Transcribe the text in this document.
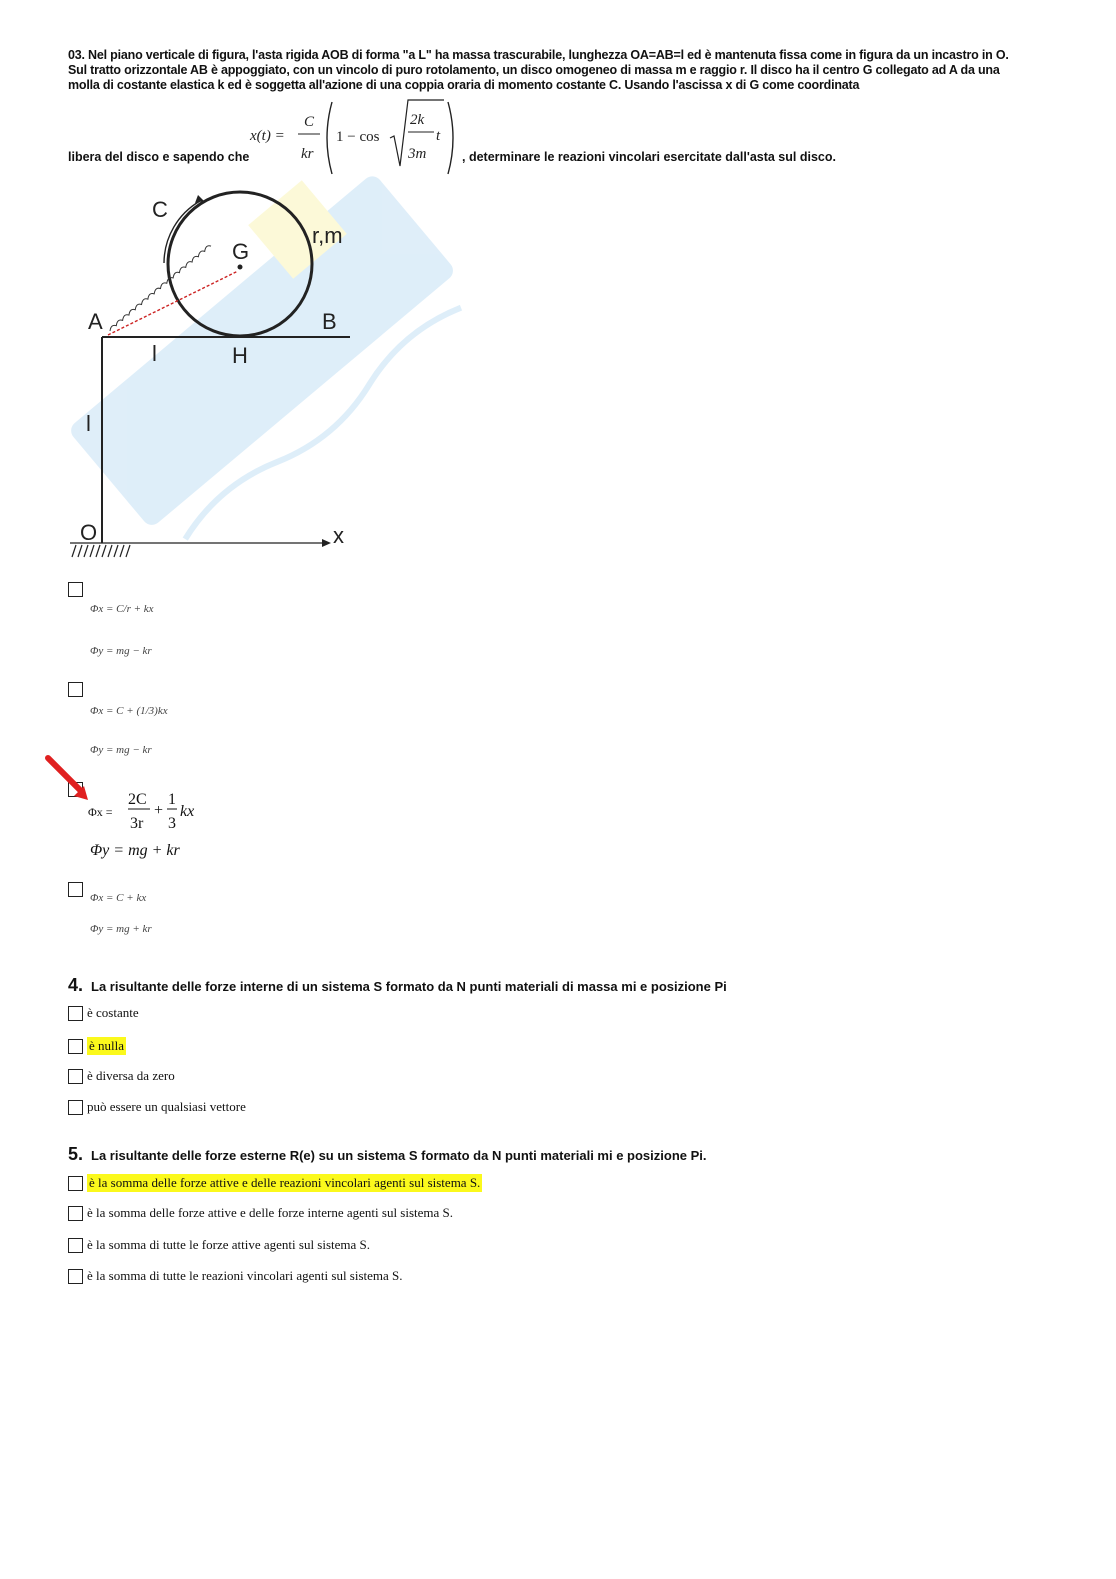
03. Nel piano verticale di figura, l'asta rigida AOB di forma "a L" ha massa trascurabile, lunghezza OA=AB=l ed è mantenuta fissa come in figura da un incastro in O. Sul tratto orizzontale AB è appoggiato, con un vincolo di puro rotolamento, un disco omogeneo di massa m e raggio r. Il disco ha il centro G collegato ad A da una molla di costante elastica k ed è soggetta all'azione di una coppia oraria di momento costante C. Usando l'ascissa x di G come coordinata
libera del disco e sapendo che
x(t) =
C
kr
1 − cos
2k
3m
t
, determinare le reazioni vincolari esercitate dall'asta sul disco.
C
G
r,m
A	B
H
l
l
O	x
Φx = C/r + kx
Φy = mg − kr
Φx = C + (1/3)kx
Φy = mg − kr
Φx =
2C
3r
+
1
3
kx
Φy = mg + kr
Φx = C + kx
Φy = mg + kr
4. La risultante delle forze interne di un sistema S formato da N punti materiali di massa mi e posizione Pi
è costante
è nulla
è diversa da zero
può essere un qualsiasi vettore
5. La risultante delle forze esterne R(e) su un sistema S formato da N punti materiali mi e posizione Pi.
è la somma delle forze attive e delle reazioni vincolari agenti sul sistema S.
è la somma delle forze attive e delle forze interne agenti sul sistema S.
è la somma di tutte le forze attive agenti sul sistema S.
è la somma di tutte le reazioni vincolari agenti sul sistema S.
